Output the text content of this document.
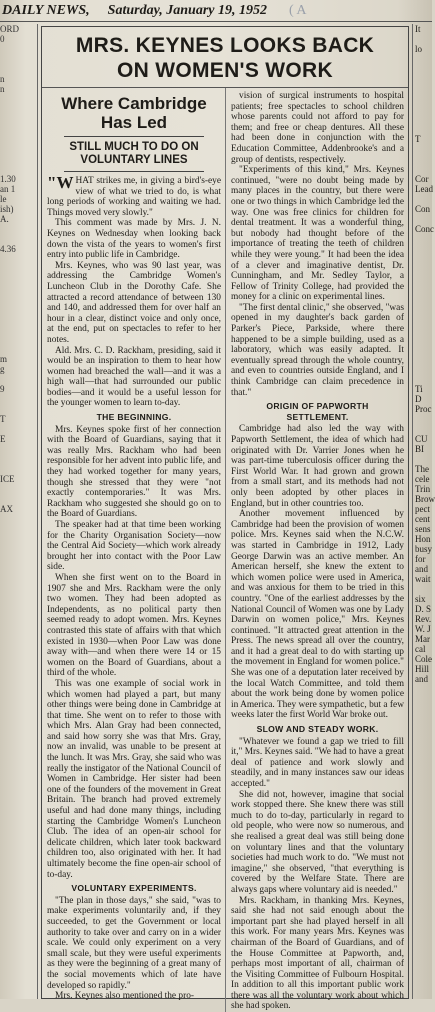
DAILY NEWS, Saturday, January 19, 1952 ( A
ORD
0

n
n

1.30
an 1
le
ish)
A.

4.36

m
g

9

T

E

ICE

AX
It

lo

T

Cor
Lead

Con

Conc

Ti
D
Proc

CU
BI

The
cele
Trin
Brow
pect
cent
sens
Hon
busy
for
and
wait

six
D. S
Rev.
W. J
Mar
cal
Cole
Hill
and
MRS. KEYNES LOOKS BACK
ON WOMEN'S WORK
Where Cambridge
Has Led
STILL MUCH TO DO ON
VOLUNTARY LINES

"WHAT strikes me, in giving a bird's-eye view of what we tried to do, is what long periods of working and waiting we had. Things moved very slowly."

This comment was made by Mrs. J. N. Keynes on Wednesday when looking back down the vista of the years to women's first entry into public life in Cambridge.

Mrs. Keynes, who was 90 last year, was addressing the Cambridge Women's Luncheon Club in the Dorothy Cafe. She attracted a record attendance of between 130 and 140, and addressed them for over half an hour in a clear, distinct voice and only once, at the end, put on spectacles to refer to her notes.

Ald. Mrs. C. D. Rackham, presiding, said it would be an inspiration to them to hear how women had breached the wall—and it was a high wall—that had surrounded our public bodies—and it would be a useful lesson for the younger women to learn to-day.

THE BEGINNING.

Mrs. Keynes spoke first of her connection with the Board of Guardians, saying that it was really Mrs. Rackham who had been responsible for her advent into public life, and they had worked together for many years, though she stressed that they were "not exactly contemporaries." It was Mrs. Rackham who suggested she should go on to the Board of Guardians.

The speaker had at that time been working for the Charity Organisation Society—now the Central Aid Society—which work already brought her into contact with the Poor Law side.

When she first went on to the Board in 1907 she and Mrs. Rackham were the only two women. They had been adopted as Independents, as no political party then seemed ready to adopt women. Mrs. Keynes contrasted this state of affairs with that which existed in 1930—when Poor Law was done away with—and when there were 14 or 15 women on the Board of Guardians, about a third of the whole.

This was one example of social work in which women had played a part, but many other things were being done in Cambridge at that time. She went on to refer to those with which Mrs. Alan Gray had been connected, and said how sorry she was that Mrs. Gray, now an invalid, was unable to be present at the lunch. It was Mrs. Gray, she said who was really the instigator of the National Council of Women in Cambridge. Her sister had been one of the founders of the movement in Great Britain. The branch had proved extremely useful and had done many things, including starting the Cambridge Women's Luncheon Club. The idea of an open-air school for delicate children, which later took backward children too, also originated with her. It had ultimately become the fine open-air school of to-day.

VOLUNTARY EXPERIMENTS.

"The plan in those days," she said, "was to make experiments voluntarily and, if they succeeded, to get the Government or local authority to take over and carry on in a wider scale. We could only experiment on a very small scale, but they were useful experiments as they were the beginning of a great many of the social movements which of late have developed so rapidly."

Mrs. Keynes also mentioned the pro-

vision of surgical instruments to hospital patients; free spectacles to school children whose parents could not afford to pay for them; and free or cheap dentures. All these had been done in conjunction with the Education Committee, Addenbrooke's and a group of dentists, respectively.

"Experiments of this kind," Mrs. Keynes continued, "were no doubt being made by many places in the country, but there were one or two things in which Cambridge led the way. One was free clinics for children for dental treatment. It was a wonderful thing, but nobody had thought before of the importance of treating the teeth of children while they were young." It had been the idea of a clever and imaginative dentist, Dr. Cunningham, and Mr. Sedley Taylor, a Fellow of Trinity College, had provided the money for a clinic on experimental lines.

"The first dental clinic," she observed, "was opened in my daughter's back garden of Parker's Piece, Parkside, where there happened to be a simple building, used as a laboratory, which was easily adapted. It eventually spread through the whole country, and even to countries outside England, and I think Cambridge can claim precedence in that."

ORIGIN OF PAPWORTH
SETTLEMENT.

Cambridge had also led the way with Papworth Settlement, the idea of which had originated with Dr. Varrier Jones when he was part-time tuberculosis officer during the First World War. It had grown and grown from a small start, and its methods had not only been adopted by other places in England, but in other countries too.

Another movement influenced by Cambridge had been the provision of women police. Mrs. Keynes said when the N.C.W. was started in Cambridge in 1912, Lady George Darwin was an active member. An American herself, she knew the extent to which women police were used in America, and was anxious for them to be tried in this country. "One of the earliest addresses by the National Council of Women was one by Lady Darwin on women police," Mrs. Keynes continued. "It attracted great attention in the Press. The news spread all over the country, and it had a great deal to do with starting up the movement in England for women police." She was one of a deputation later received by the local Watch Committee, and told them about the work being done by women police in America. They were sympathetic, but a few weeks later the first World War broke out.

SLOW AND STEADY WORK.

"Whatever we found a gap we tried to fill it," Mrs. Keynes said. "We had to have a great deal of patience and work slowly and steadily, and in many instances saw our ideas accepted."

She did not, however, imagine that social work stopped there. She knew there was still much to do to-day, particularly in regard to old people, who were now so numerous, and she realised a great deal was still being done on voluntary lines and that the voluntary societies had much work to do. "We must not imagine," she observed, "that everything is covered by the Welfare State. There are always gaps where voluntary aid is needed."

Mrs. Rackham, in thanking Mrs. Keynes, said she had not said enough about the important part she had played herself in all this work. For many years Mrs. Keynes was chairman of the Board of Guardians, and of the House Committee at Papworth, and, perhaps most important of all, chairman of the Visiting Committee of Fulbourn Hospital. In addition to all this important public work there was all the voluntary work about which she had spoken.
